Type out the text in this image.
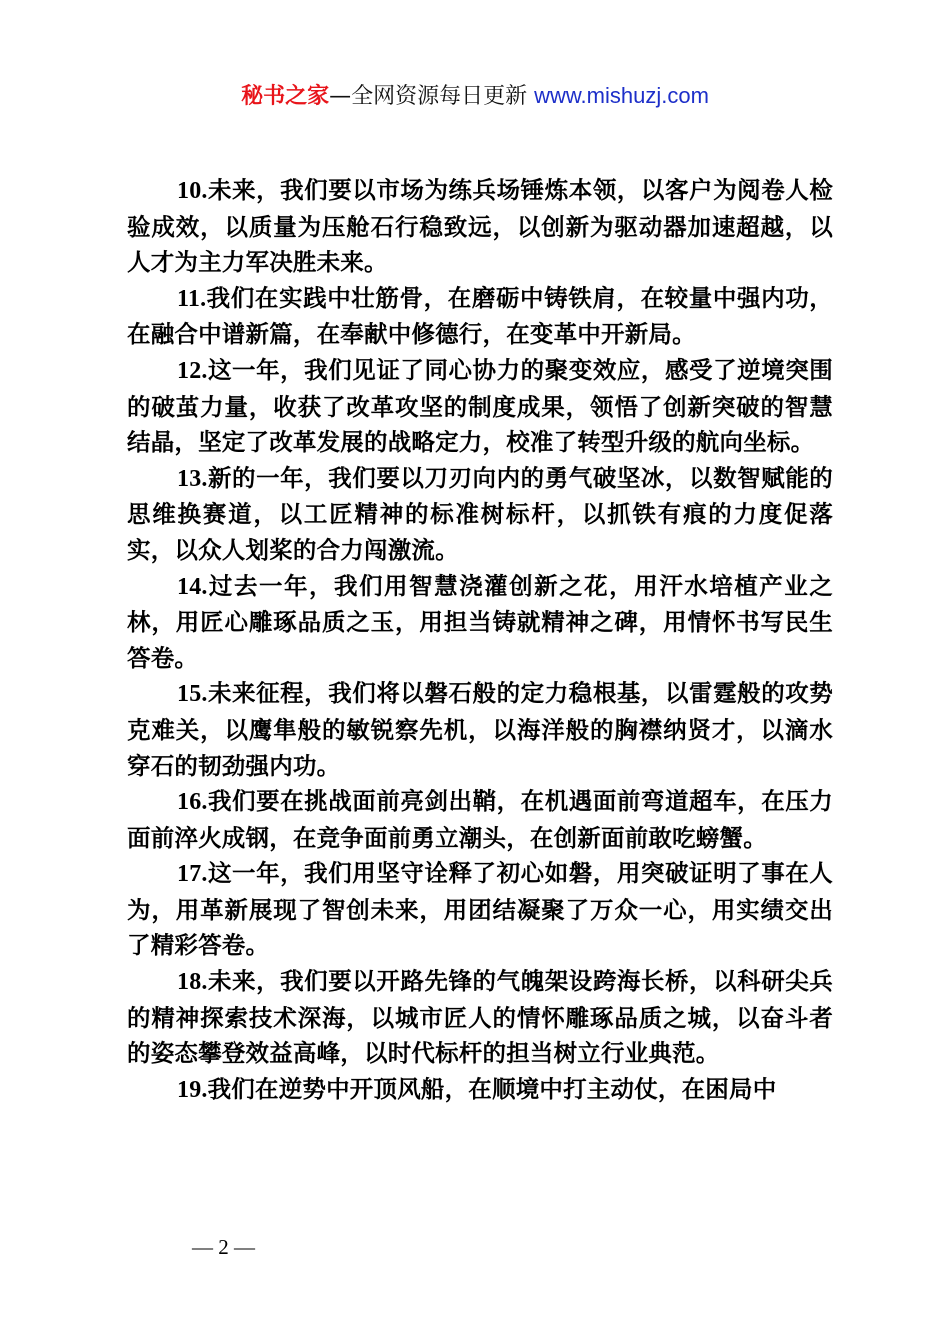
秘书之家—全网资源每日更新 www.mishuzj.com

10.未来，我们要以市场为练兵场锤炼本领，以客户为阅卷人检验成效，以质量为压舱石行稳致远，以创新为驱动器加速超越，以人才为主力军决胜未来。

11.我们在实践中壮筋骨，在磨砺中铸铁肩，在较量中强内功，在融合中谱新篇，在奉献中修德行，在变革中开新局。

12.这一年，我们见证了同心协力的聚变效应，感受了逆境突围的破茧力量，收获了改革攻坚的制度成果，领悟了创新突破的智慧结晶，坚定了改革发展的战略定力，校准了转型升级的航向坐标。

13.新的一年，我们要以刀刃向内的勇气破坚冰，以数智赋能的思维换赛道，以工匠精神的标准树标杆，以抓铁有痕的力度促落实，以众人划桨的合力闯激流。

14.过去一年，我们用智慧浇灌创新之花，用汗水培植产业之林，用匠心雕琢品质之玉，用担当铸就精神之碑，用情怀书写民生答卷。

15.未来征程，我们将以磐石般的定力稳根基，以雷霆般的攻势克难关，以鹰隼般的敏锐察先机，以海洋般的胸襟纳贤才，以滴水穿石的韧劲强内功。

16.我们要在挑战面前亮剑出鞘，在机遇面前弯道超车，在压力面前淬火成钢，在竞争面前勇立潮头，在创新面前敢吃螃蟹。

17.这一年，我们用坚守诠释了初心如磐，用突破证明了事在人为，用革新展现了智创未来，用团结凝聚了万众一心，用实绩交出了精彩答卷。

18.未来，我们要以开路先锋的气魄架设跨海长桥，以科研尖兵的精神探索技术深海，以城市匠人的情怀雕琢品质之城，以奋斗者的姿态攀登效益高峰，以时代标杆的担当树立行业典范。

19.我们在逆势中开顶风船，在顺境中打主动仗，在困局中

— 2 —
